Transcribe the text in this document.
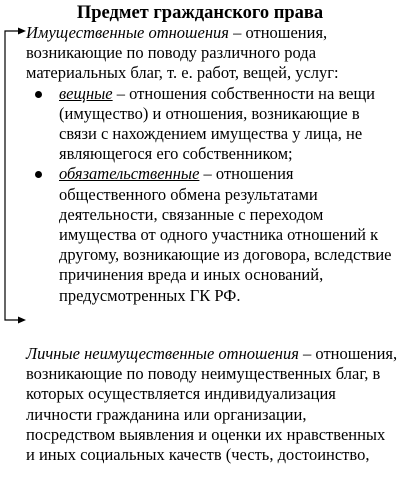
Предмет гражданского права
Имущественные отношения – отношения, возникающие по поводу различного рода материальных благ, т. е. работ, вещей, услуг:
вещные – отношения собственности на вещи (имущество) и отношения, возникающие в связи с нахождением имущества у лица, не являющегося его собственником;
обязательственные – отношения общественного обмена результатами деятельности, связанные с переходом имущества от одного участника отношений к другому, возникающие из договора, вследствие причинения вреда и иных оснований, предусмотренных ГК РФ.
Личные неимущественные отношения – отношения, возникающие по поводу неимущественных благ, в которых осуществляется индивидуализация личности гражданина или организации, посредством выявления и оценки их нравственных и иных социальных качеств (честь, достоинство,
